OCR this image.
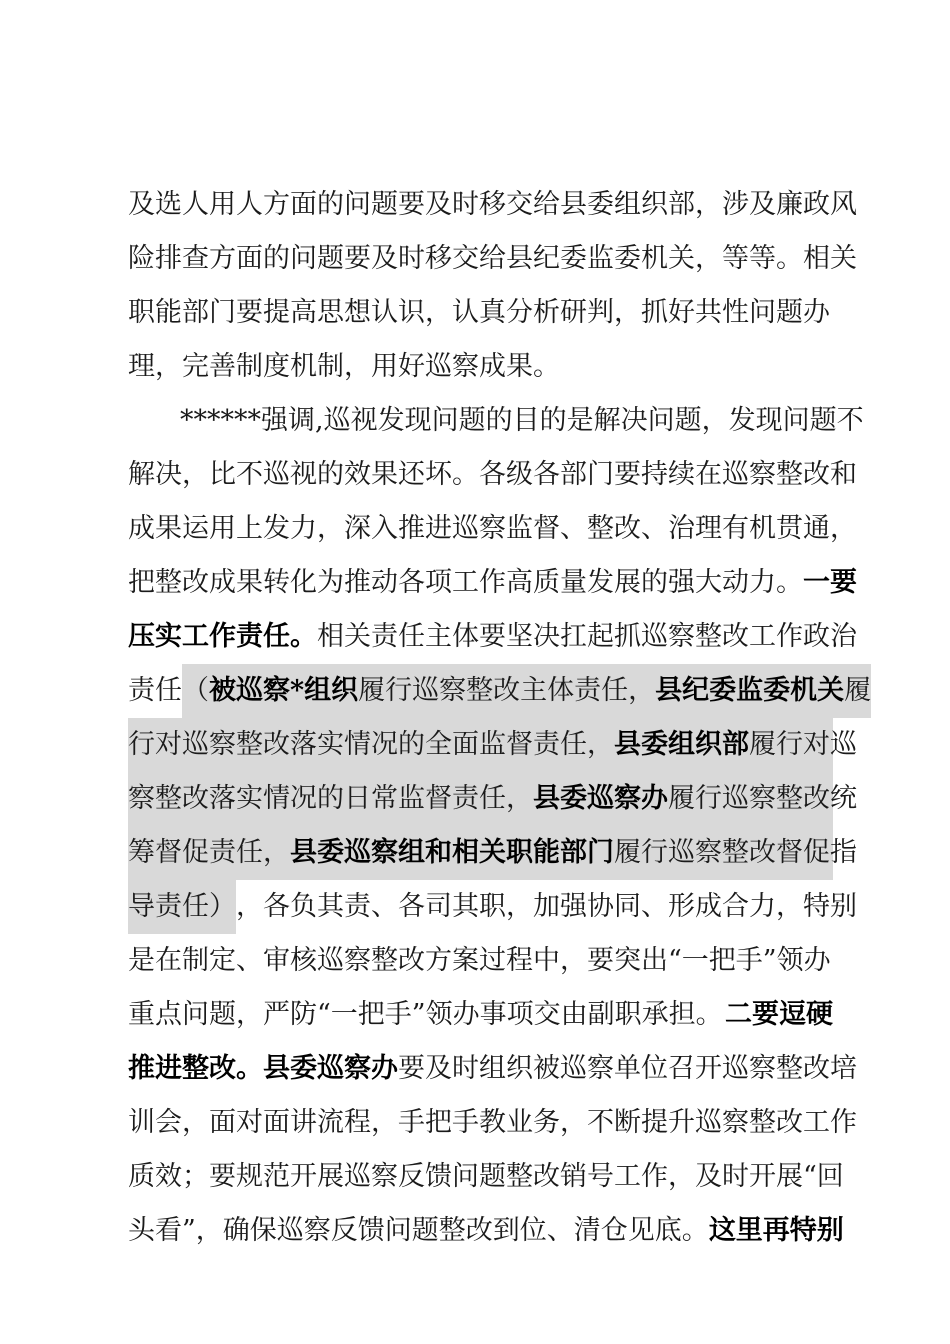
及选人用人方面的问题要及时移交给县委组织部，涉及廉政风
险排查方面的问题要及时移交给县纪委监委机关，等等。相关
职能部门要提高思想认识，认真分析研判，抓好共性问题办
理，完善制度机制，用好巡察成果。
******强调,巡视发现问题的目的是解决问题，发现问题不
解决，比不巡视的效果还坏。各级各部门要持续在巡察整改和
成果运用上发力，深入推进巡察监督、整改、治理有机贯通，
把整改成果转化为推动各项工作高质量发展的强大动力。 一要
压实工作责任。 相关责任主体要坚决扛起抓巡察整改工作政治
责任 （ 被巡察*组织 履行巡察整改主体责任， 县纪委监委机关 履
行对巡察整改落实情况的全面监督责任， 县委组织部 履行对巡
察整改落实情况的日常监督责任， 县委巡察办 履行巡察整改统
筹督促责任， 县委巡察组和相关职能部门 履行巡察整改督促指
导责任） ，各负其责、各司其职，加强协同、形成合力，特别
是在制定、审核巡察整改方案过程中，要突出“一把手”领办
重点问题，严防“一把手”领办事项交由副职承担。 二要逗硬
推进整改。 县委巡察办 要及时组织被巡察单位召开巡察整改培
训会，面对面讲流程，手把手教业务，不断提升巡察整改工作
质效；要规范开展巡察反馈问题整改销号工作，及时开展“回
头看”，确保巡察反馈问题整改到位、清仓见底。 这里再特别
